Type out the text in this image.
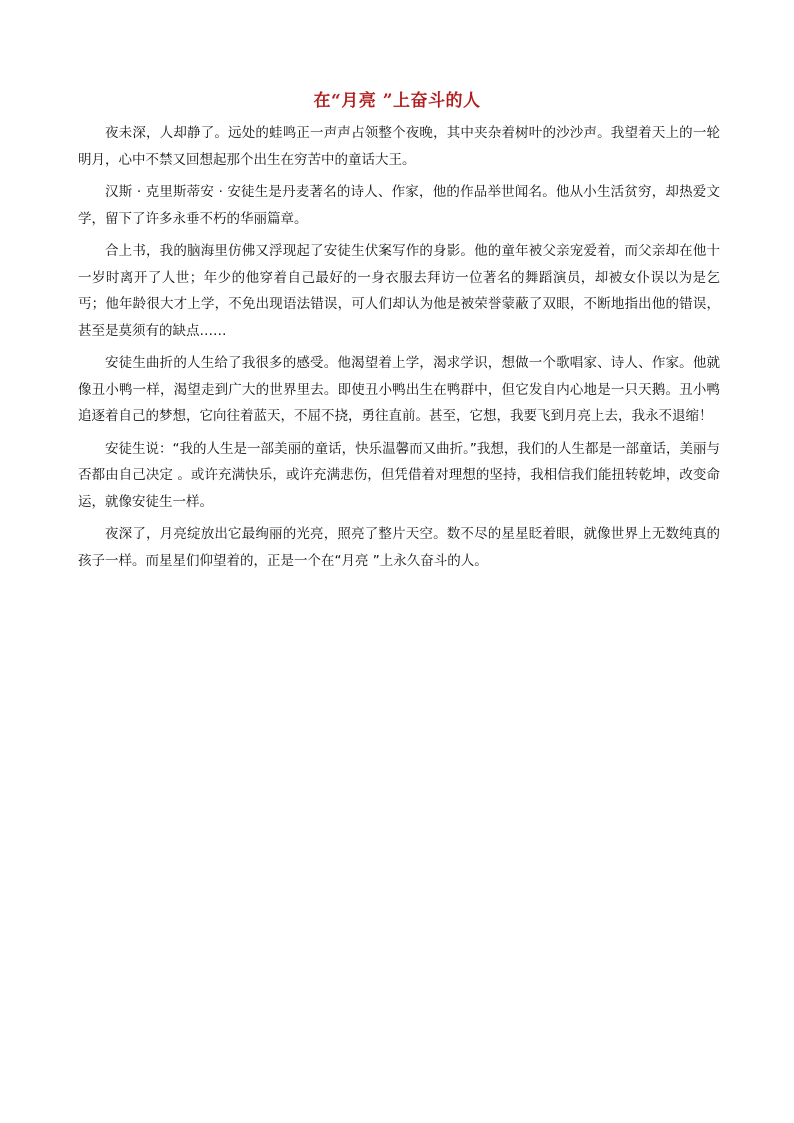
在“月亮 ”上奋斗的人

夜未深，人却静了。远处的蛙鸣正一声声占领整个夜晚，其中夹杂着树叶的沙沙声。我望着天上的一轮明月，心中不禁又回想起那个出生在穷苦中的童话大王。

汉斯 · 克里斯蒂安 · 安徒生是丹麦著名的诗人、作家，他的作品举世闻名。他从小生活贫穷，却热爱文学，留下了许多永垂不朽的华丽篇章。

合上书，我的脑海里仿佛又浮现起了安徒生伏案写作的身影。他的童年被父亲宠爱着，而父亲却在他十一岁时离开了人世；年少的他穿着自己最好的一身衣服去拜访一位著名的舞蹈演员，却被女仆误以为是乞丐；他年龄很大才上学，不免出现语法错误，可人们却认为他是被荣誉蒙蔽了双眼，不断地指出他的错误，甚至是莫须有的缺点……

安徒生曲折的人生给了我很多的感受。他渴望着上学，渴求学识，想做一个歌唱家、诗人、作家。他就像丑小鸭一样，渴望走到广大的世界里去。即使丑小鸭出生在鸭群中，但它发自内心地是一只天鹅。丑小鸭追逐着自己的梦想，它向往着蓝天，不屈不挠，勇往直前。甚至，它想，我要飞到月亮上去，我永不退缩！

安徒生说：“我的人生是一部美丽的童话，快乐温馨而又曲折。”我想，我们的人生都是一部童话，美丽与否都由自己决定 。或许充满快乐，或许充满悲伤，但凭借着对理想的坚持，我相信我们能扭转乾坤，改变命运，就像安徒生一样。

夜深了，月亮绽放出它最绚丽的光亮，照亮了整片天空。数不尽的星星眨着眼，就像世界上无数纯真的孩子一样。而星星们仰望着的，正是一个在“月亮 ”上永久奋斗的人。
